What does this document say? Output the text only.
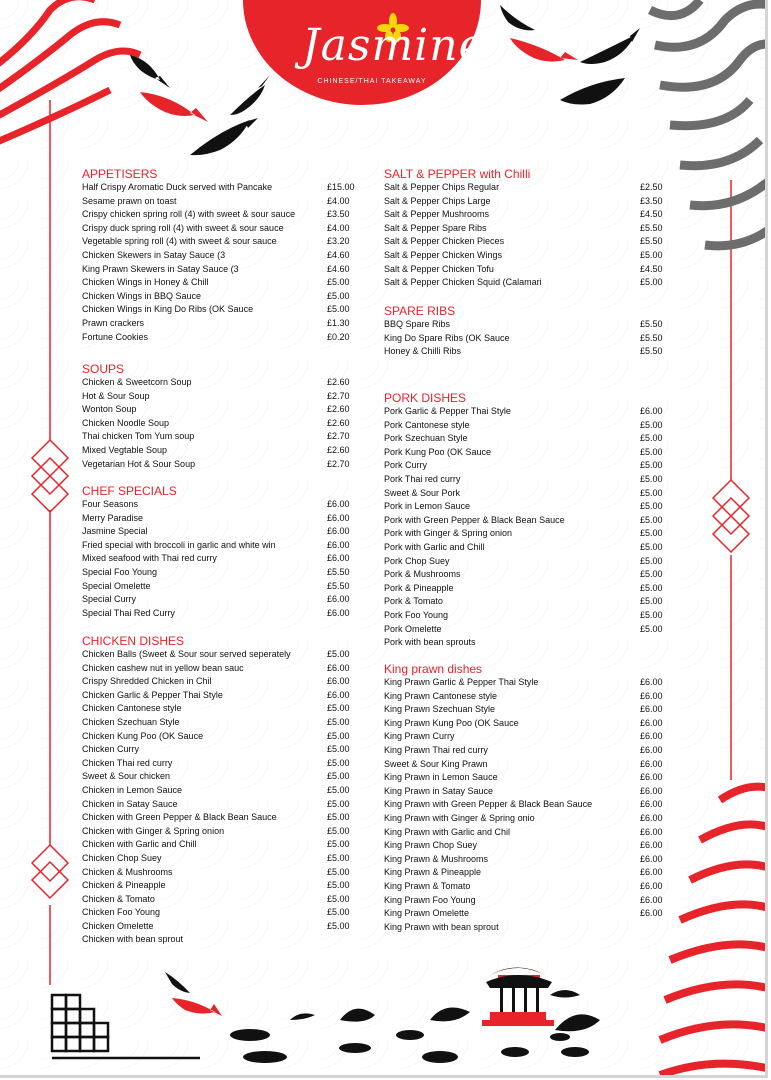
Jasmine
CHINESE/THAI TAKEAWAY
APPETISERS
Half Crispy Aromatic Duck served with Pancake	£15.00
Sesame prawn on toast	£4.00
Crispy chicken spring roll (4) with sweet & sour sauce	£3.50
Crispy duck spring roll (4) with sweet & sour sauce	£4.00
Vegetable spring roll (4) with sweet & sour sauce	£3.20
Chicken Skewers in Satay Sauce (3	£4.60
King Prawn Skewers in Satay Sauce (3	£4.60
Chicken Wings in Honey & Chill	£5.00
Chicken Wings in BBQ Sauce	£5.00
Chicken Wings in King Do Ribs (OK Sauce	£5.00
Prawn crackers	£1.30
Fortune Cookies	£0.20
SOUPS
Chicken & Sweetcorn Soup	£2.60
Hot & Sour Soup	£2.70
Wonton Soup	£2.60
Chicken Noodle Soup	£2.60
Thai chicken Tom Yum soup	£2.70
Mixed Vegtable Soup	£2.60
Vegetarian Hot & Sour Soup	£2.70
CHEF SPECIALS
Four Seasons	£6.00
Merry Paradise	£6.00
Jasmine Special	£6.00
Fried special with broccoli in garlic and white win	£6.00
Mixed seafood with Thai red curry	£6.00
Special Foo Young	£5.50
Special Omelette	£5.50
Special Curry	£6.00
Special Thai Red Curry	£6.00
CHICKEN DISHES
Chicken Balls (Sweet & Sour sour served seperately	£5.00
Chicken cashew nut in yellow bean sauc	£6.00
Crispy Shredded Chicken in Chil	£6.00
Chicken Garlic & Pepper Thai Style	£6.00
Chicken Cantonese style	£5.00
Chicken Szechuan Style	£5.00
Chicken Kung Poo (OK Sauce	£5.00
Chicken Curry	£5.00
Chicken Thai red curry	£5.00
Sweet & Sour chicken	£5.00
Chicken in Lemon Sauce	£5.00
Chicken in Satay Sauce	£5.00
Chicken with Green Pepper & Black Bean Sauce	£5.00
Chicken with Ginger & Spring onion	£5.00
Chicken with Garlic and Chill	£5.00
Chicken Chop Suey	£5.00
Chicken & Mushrooms	£5.00
Chicken & Pineapple	£5.00
Chicken & Tomato	£5.00
Chicken Foo Young	£5.00
Chicken Omelette	£5.00
Chicken with bean sprout
SALT & PEPPER with Chilli
Salt & Pepper Chips Regular	£2.50
Salt & Pepper Chips Large	£3.50
Salt & Pepper Mushrooms	£4.50
Salt & Pepper Spare Ribs	£5.50
Salt & Pepper Chicken Pieces	£5.50
Salt & Pepper Chicken Wings	£5.00
Salt & Pepper Chicken Tofu	£4.50
Salt & Pepper Chicken Squid (Calamari	£5.00
SPARE RIBS
BBQ Spare Ribs	£5.50
King Do Spare Ribs (OK Sauce	£5.50
Honey & Chilli Ribs	£5.50
PORK DISHES
Pork Garlic & Pepper Thai Style	£6.00
Pork Cantonese style	£5.00
Pork Szechuan Style	£5.00
Pork Kung Poo (OK Sauce	£5.00
Pork Curry	£5.00
Pork Thai red curry	£5.00
Sweet & Sour Pork	£5.00
Pork in Lemon Sauce	£5.00
Pork with Green Pepper & Black Bean Sauce	£5.00
Pork with Ginger & Spring onion	£5.00
Pork with Garlic and Chill	£5.00
Pork Chop Suey	£5.00
Pork & Mushrooms	£5.00
Pork & Pineapple	£5.00
Pork & Tomato	£5.00
Pork Foo Young	£5.00
Pork Omelette	£5.00
Pork with bean sprouts
King prawn dishes
King Prawn Garlic & Pepper Thai Style	£6.00
King Prawn Cantonese style	£6.00
King Prawn Szechuan Style	£6.00
King Prawn Kung Poo (OK Sauce	£6.00
King Prawn Curry	£6.00
King Prawn Thai red curry	£6.00
Sweet & Sour King Prawn	£6.00
King Prawn in Lemon Sauce	£6.00
King Prawn in Satay Sauce	£6.00
King Prawn with Green Pepper & Black Bean Sauce	£6.00
King Prawn with Ginger & Spring onio	£6.00
King Prawn with Garlic and Chil	£6.00
King Prawn Chop Suey	£6.00
King Prawn & Mushrooms	£6.00
King Prawn & Pineapple	£6.00
King Prawn & Tomato	£6.00
King Prawn Foo Young	£6.00
King Prawn Omelette	£6.00
King Prawn with bean sprout
